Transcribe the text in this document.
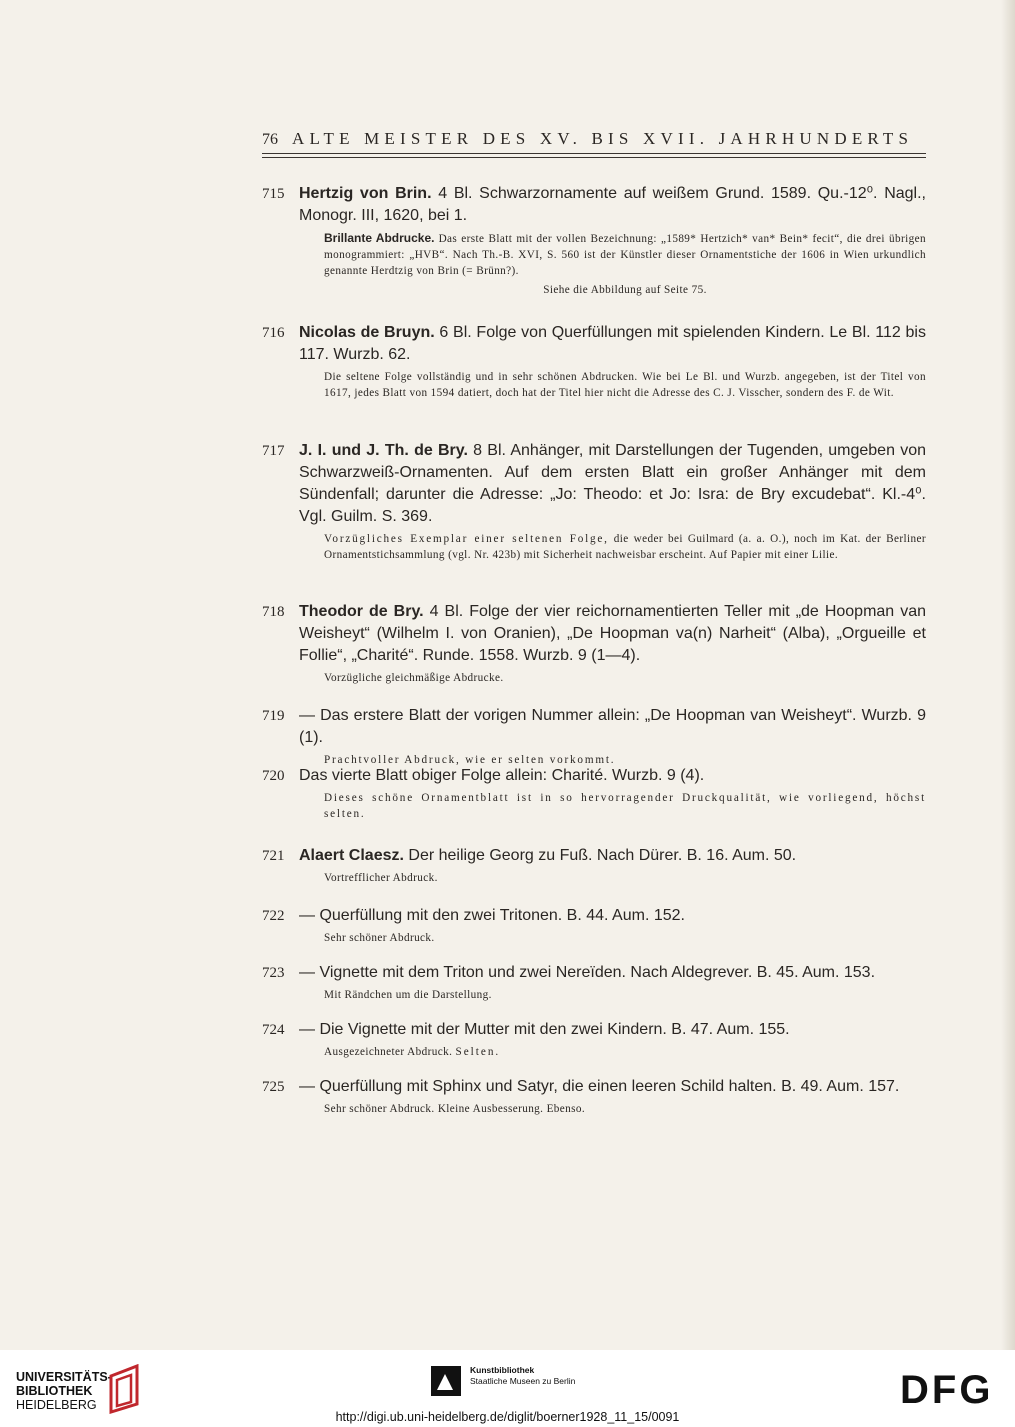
76 ALTE MEISTER DES XV. BIS XVII. JAHRHUNDERTS
715 Hertzig von Brin. 4 Bl. Schwarzornamente auf weißem Grund. 1589. Qu.-12⁰. Nagl., Monogr. III, 1620, bei 1.
Brillante Abdrucke. Das erste Blatt mit der vollen Bezeichnung: „1589* Hertzich* van* Bein* fecit“, die drei übrigen monogrammiert: „HVB“. Nach Th.-B. XVI, S. 560 ist der Künstler dieser Ornamentstiche der 1606 in Wien urkundlich genannte Herdtzig von Brin (= Brünn?).
Siehe die Abbildung auf Seite 75.
716 Nicolas de Bruyn. 6 Bl. Folge von Querfüllungen mit spielenden Kindern. Le Bl. 112 bis 117. Wurzb. 62.
Die seltene Folge vollständig und in sehr schönen Abdrucken. Wie bei Le Bl. und Wurzb. angegeben, ist der Titel von 1617, jedes Blatt von 1594 datiert, doch hat der Titel hier nicht die Adresse des C. J. Visscher, sondern des F. de Wit.
717 J. I. und J. Th. de Bry. 8 Bl. Anhänger, mit Darstellungen der Tugenden, umgeben von Schwarzweiß-Ornamenten. Auf dem ersten Blatt ein großer Anhänger mit dem Sündenfall; darunter die Adresse: „Jo: Theodo: et Jo: Isra: de Bry excudebat“. Kl.-4⁰. Vgl. Guilm. S. 369.
Vorzügliches Exemplar einer seltenen Folge, die weder bei Guilmard (a. a. O.), noch im Kat. der Berliner Ornamentstichsammlung (vgl. Nr. 423b) mit Sicherheit nachweisbar erscheint. Auf Papier mit einer Lilie.
718 Theodor de Bry. 4 Bl. Folge der vier reichornamentierten Teller mit „de Hoopman van Weisheyt“ (Wilhelm I. von Oranien), „De Hoopman va(n) Narheit“ (Alba), „Orgueille et Follie“, „Charité“. Runde. 1558. Wurzb. 9 (1—4).
Vorzügliche gleichmäßige Abdrucke.
719 — Das erstere Blatt der vorigen Nummer allein: „De Hoopman van Weisheyt“. Wurzb. 9 (1).
Prachtvoller Abdruck, wie er selten vorkommt.
720 Das vierte Blatt obiger Folge allein: Charité. Wurzb. 9 (4).
Dieses schöne Ornamentblatt ist in so hervorragender Druckqualität, wie vorliegend, höchst selten.
721 Alaert Claesz. Der heilige Georg zu Fuß. Nach Dürer. B. 16. Aum. 50.
Vortrefflicher Abdruck.
722 — Querfüllung mit den zwei Tritonen. B. 44. Aum. 152.
Sehr schöner Abdruck.
723 — Vignette mit dem Triton und zwei Nereïden. Nach Aldegrever. B. 45. Aum. 153.
Mit Rändchen um die Darstellung.
724 — Die Vignette mit der Mutter mit den zwei Kindern. B. 47. Aum. 155.
Ausgezeichneter Abdruck. Selten.
725 — Querfüllung mit Sphinx und Satyr, die einen leeren Schild halten. B. 49. Aum. 157.
Sehr schöner Abdruck. Kleine Ausbesserung. Ebenso.
UNIVERSITÄTS-
BIBLIOTHEK
HEIDELBERG
Kunstbibliothek
Staatliche Museen zu Berlin	DFG
http://digi.ub.uni-heidelberg.de/diglit/boerner1928_11_15/0091
